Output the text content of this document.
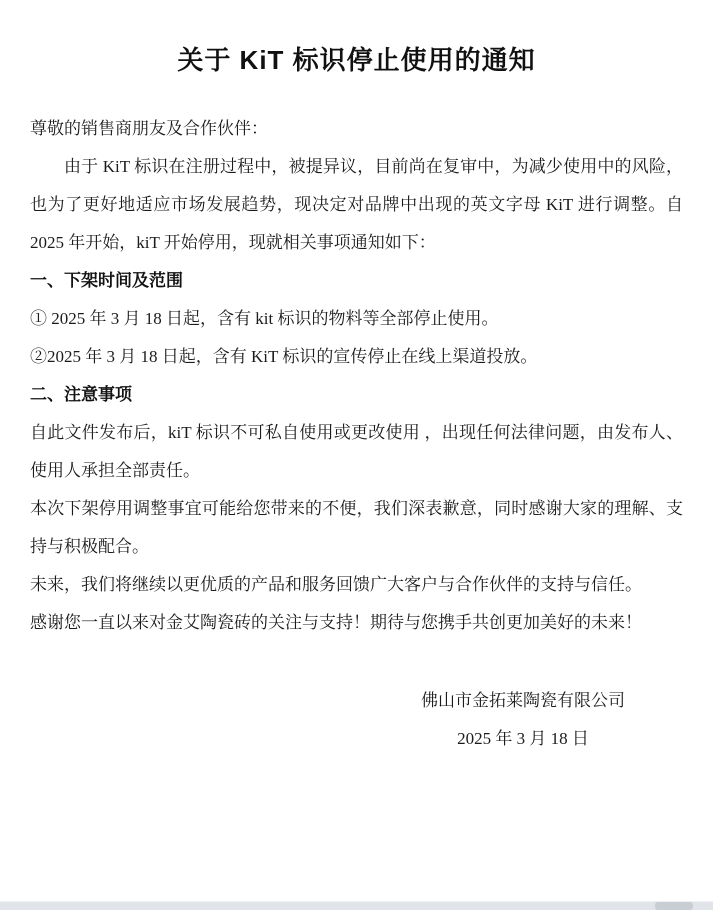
关于 KiT 标识停止使用的通知

尊敬的销售商朋友及合作伙伴：

由于 KiT 标识在注册过程中，被提异议，目前尚在复审中，为减少使用中的风险，也为了更好地适应市场发展趋势，现决定对品牌中出现的英文字母 KiT 进行调整。自 2025 年开始，kiT 开始停用，现就相关事项通知如下：

一、下架时间及范围

① 2025 年 3 月 18 日起，含有 kit 标识的物料等全部停止使用。

②2025 年 3 月 18 日起，含有 KiT 标识的宣传停止在线上渠道投放。

二、注意事项

自此文件发布后，kiT 标识不可私自使用或更改使用 ，出现任何法律问题，由发布人、使用人承担全部责任。

本次下架停用调整事宜可能给您带来的不便，我们深表歉意，同时感谢大家的理解、支持与积极配合。

未来，我们将继续以更优质的产品和服务回馈广大客户与合作伙伴的支持与信任。

感谢您一直以来对金艾陶瓷砖的关注与支持！期待与您携手共创更加美好的未来！

佛山市金拓莱陶瓷有限公司

2025 年 3 月 18 日
